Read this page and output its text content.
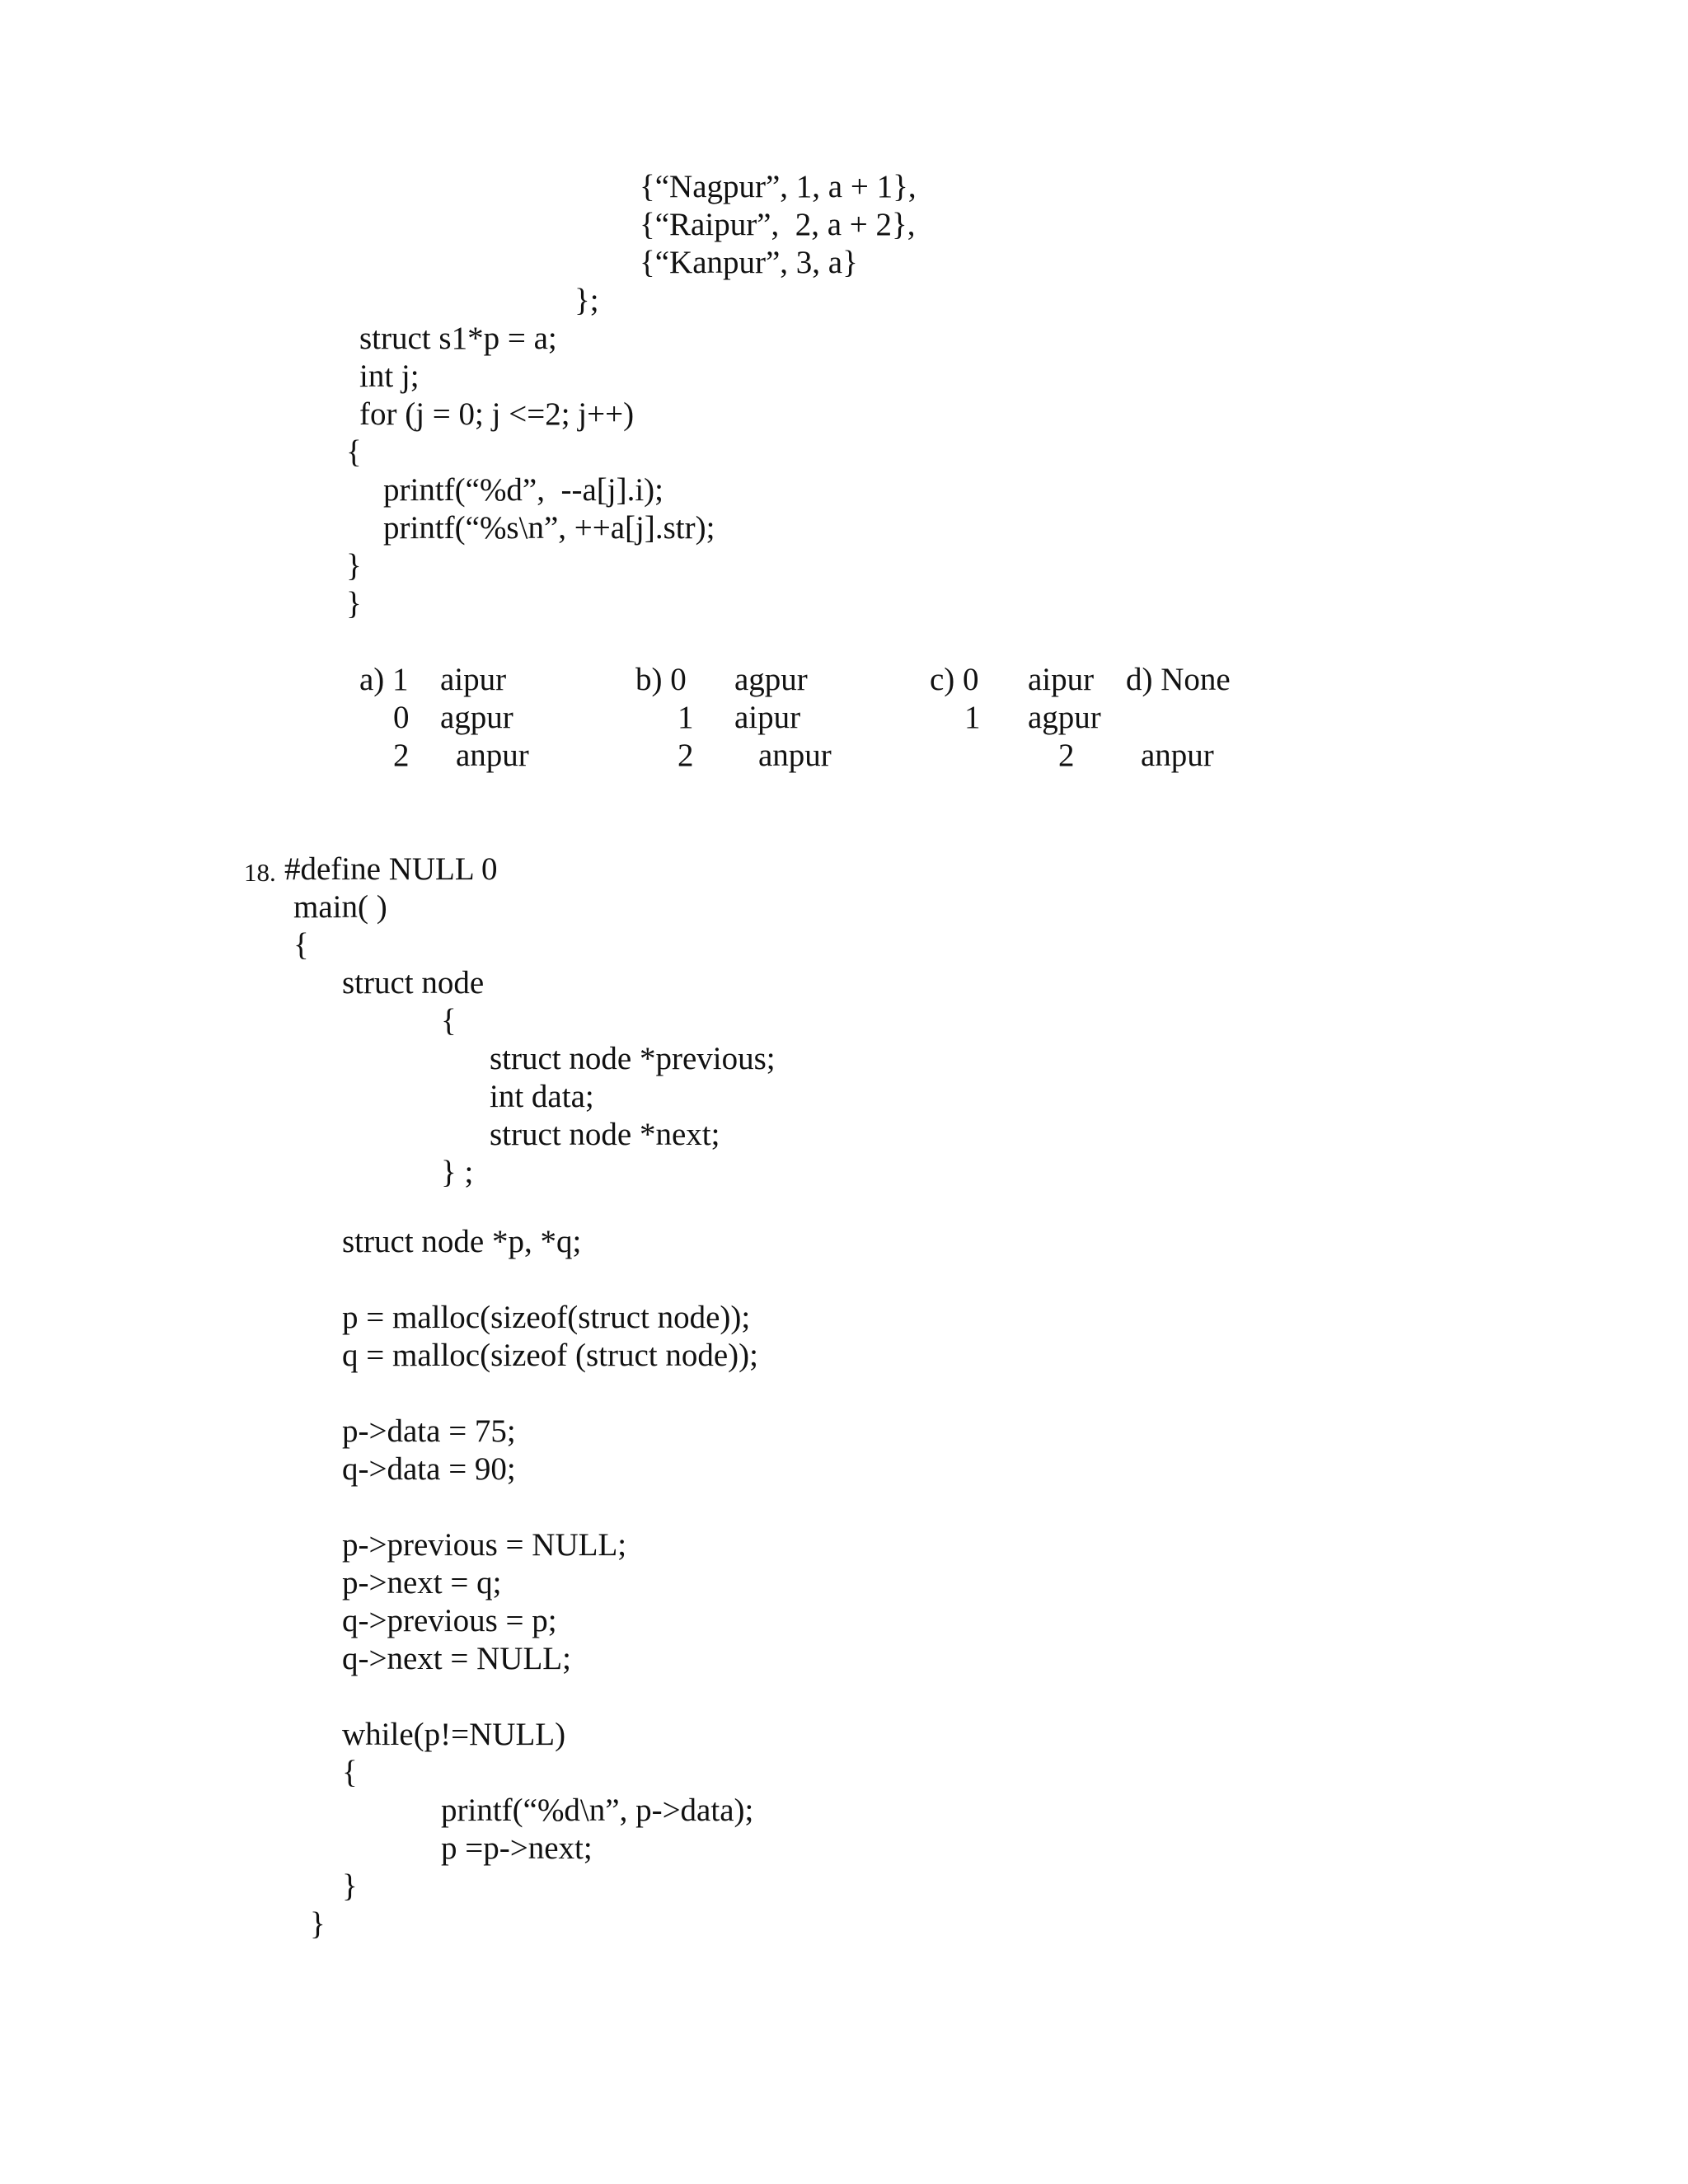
{“Nagpur”, 1, a + 1},
{“Raipur”,  2, a + 2},
{“Kanpur”, 3, a}
};
struct s1*p = a;
int j;
for (j = 0; j <=2; j++)
{
printf(“%d”,  --a[j].i);
printf(“%s\n”, ++a[j].str);
}
}
a) 1 aipur
0 agpur
2 anpur
b) 0 agpur
1 aipur
2 anpur
c) 0 aipur
1 agpur
2 anpur
d) None
18. #define NULL 0
main( )
{
struct node
{
struct node *previous;
int data;
struct node *next;
} ;
struct node *p, *q;
p = malloc(sizeof(struct node));
q = malloc(sizeof (struct node));
p->data = 75;
q->data = 90;
p->previous = NULL;
p->next = q;
q->previous = p;
q->next = NULL;
while(p!=NULL)
{
printf(“%d\n”, p->data);
p =p->next;
}
}
